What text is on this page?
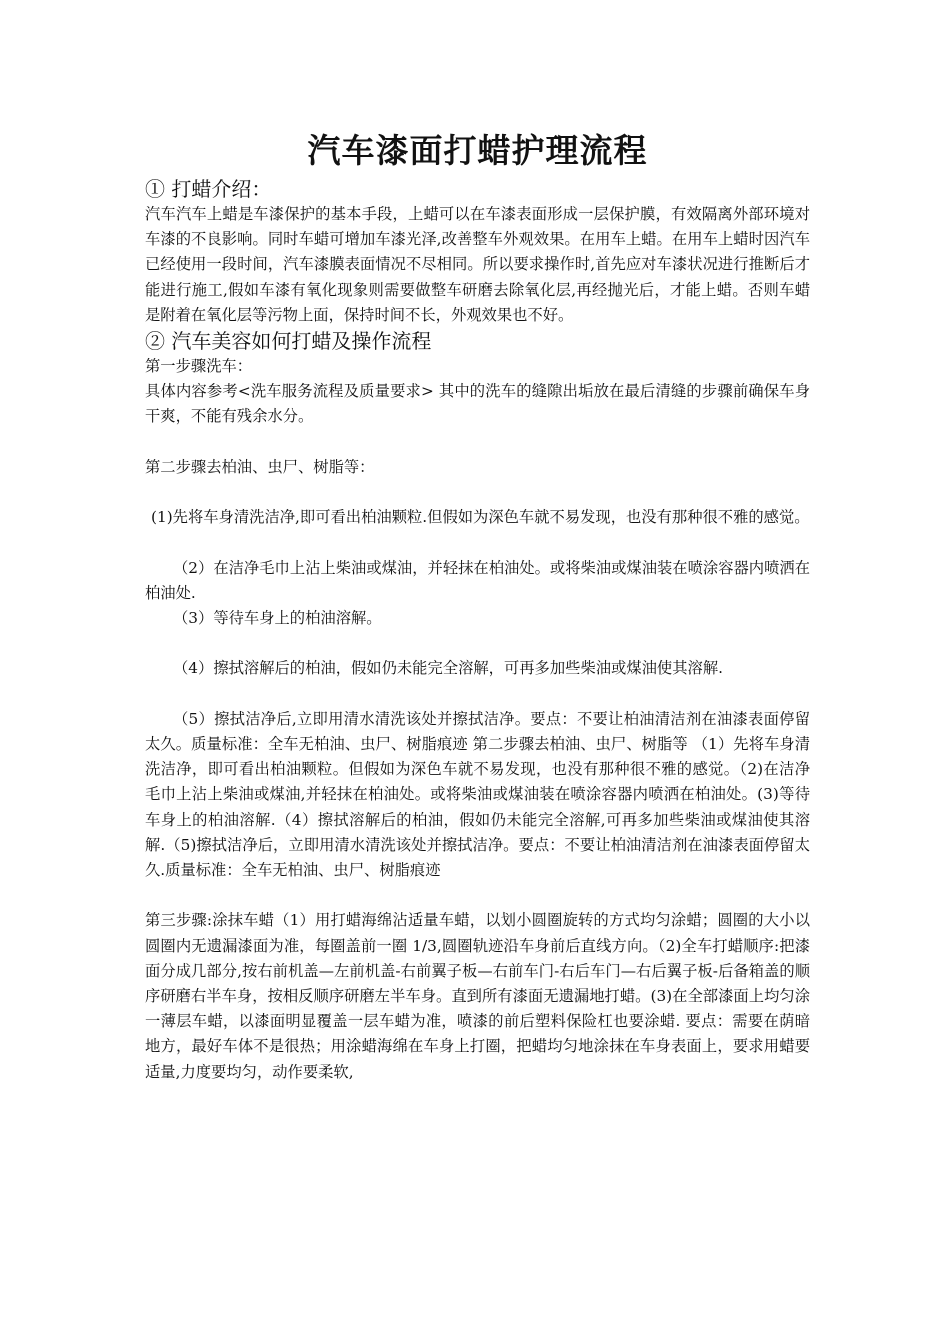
汽车漆面打蜡护理流程
① 打蜡介绍：

汽车汽车上蜡是车漆保护的基本手段，上蜡可以在车漆表面形成一层保护膜，有效隔离外部环境对车漆的不良影响。同时车蜡可增加车漆光泽,改善整车外观效果。在用车上蜡。在用车上蜡时因汽车已经使用一段时间，汽车漆膜表面情况不尽相同。所以要求操作时,首先应对车漆状况进行推断后才能进行施工,假如车漆有氧化现象则需要做整车研磨去除氧化层,再经抛光后，才能上蜡。否则车蜡是附着在氧化层等污物上面，保持时间不长，外观效果也不好。

② 汽车美容如何打蜡及操作流程

第一步骤洗车：

具体内容参考<洗车服务流程及质量要求> 其中的洗车的缝隙出垢放在最后清缝的步骤前确保车身干爽，不能有残余水分。

第二步骤去柏油、虫尸、树脂等：

(1)先将车身清洗洁净,即可看出柏油颗粒.但假如为深色车就不易发现，也没有那种很不雅的感觉。

（2）在洁净毛巾上沾上柴油或煤油，并轻抹在柏油处。或将柴油或煤油装在喷涂容器内喷洒在柏油处.

（3）等待车身上的柏油溶解。

（4）擦拭溶解后的柏油，假如仍未能完全溶解，可再多加些柴油或煤油使其溶解.

（5）擦拭洁净后,立即用清水清洗该处并擦拭洁净。要点：不要让柏油清洁剂在油漆表面停留太久。质量标准：全车无柏油、虫尸、树脂痕迹 第二步骤去柏油、虫尸、树脂等 （1）先将车身清洗洁净，即可看出柏油颗粒。但假如为深色车就不易发现，也没有那种很不雅的感觉。（2)在洁净毛巾上沾上柴油或煤油,并轻抹在柏油处。或将柴油或煤油装在喷涂容器内喷洒在柏油处。(3)等待车身上的柏油溶解.（4）擦拭溶解后的柏油，假如仍未能完全溶解,可再多加些柴油或煤油使其溶解.（5)擦拭洁净后，立即用清水清洗该处并擦拭洁净。要点：不要让柏油清洁剂在油漆表面停留太久.质量标准：全车无柏油、虫尸、树脂痕迹

第三步骤:涂抹车蜡（1）用打蜡海绵沾适量车蜡，以划小圆圈旋转的方式均匀涂蜡；圆圈的大小以圆圈内无遗漏漆面为准，每圈盖前一圈 1/3,圆圈轨迹沿车身前后直线方向。（2)全车打蜡顺序:把漆面分成几部分,按右前机盖—左前机盖-右前翼子板—右前车门-右后车门—右后翼子板-后备箱盖的顺序研磨右半车身，按相反顺序研磨左半车身。直到所有漆面无遗漏地打蜡。(3)在全部漆面上均匀涂一薄层车蜡，以漆面明显覆盖一层车蜡为准，喷漆的前后塑料保险杠也要涂蜡. 要点：需要在荫暗地方，最好车体不是很热；用涂蜡海绵在车身上打圈，把蜡均匀地涂抹在车身表面上，要求用蜡要适量,力度要均匀，动作要柔软,
